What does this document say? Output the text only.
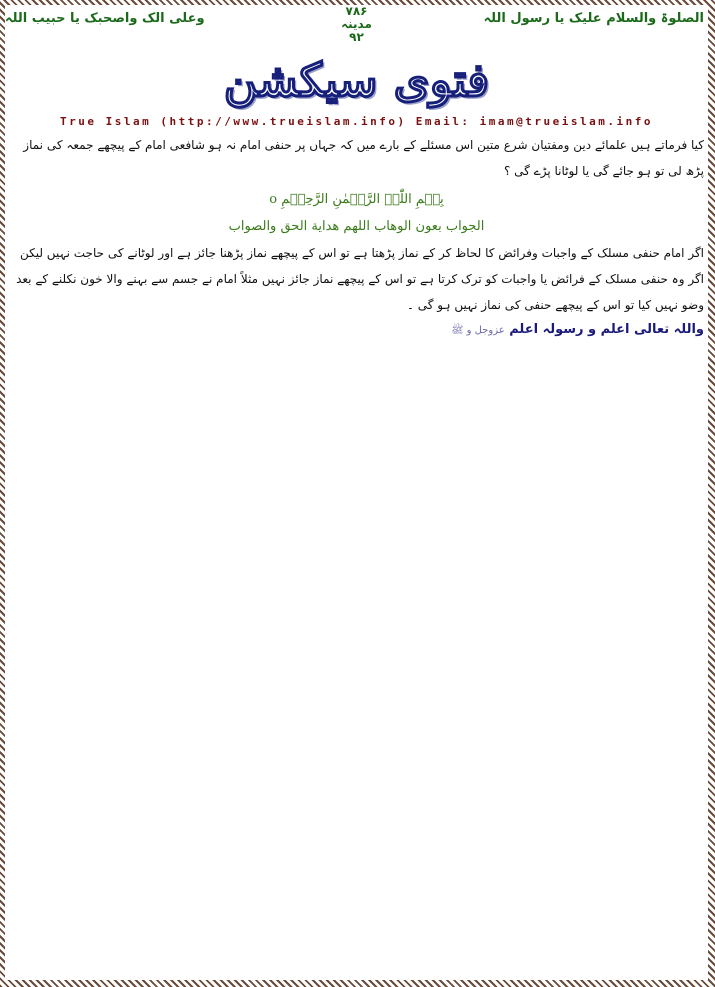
الصلوۃ والسلام علیک یا رسول اللہ
۷۸۶
مدینہ
۹۲
وعلی الک واصحبک یا حبیب اللہ
فتوی سیکشن
True Islam (http://www.trueislam.info) Email: imam@trueislam.info
کیا فرماتے ہیں علمائے دین ومفتیان شرع متین اس مسئلے کے بارے میں کہ جہاں پر حنفی امام نہ ہو شافعی امام کے پیچھے جمعہ کی نماز پڑھ لی تو ہو جائے گی یا لوٹانا پڑے گی ؟
بِسۡمِ اللّٰہِ الرَّحۡمٰنِ الرَّحِیۡمِ o
الجواب بعون الوهاب اللهم هداية الحق والصواب
اگر امام حنفی مسلک کے واجبات وفرائض کا لحاظ کر کے نماز پڑھتا ہے تو اس کے پیچھے نماز پڑھنا جائز ہے اور لوٹانے کی حاجت نہیں لیکن اگر وہ حنفی مسلک کے فرائض یا واجبات کو ترک کرتا ہے تو اس کے پیچھے نماز جائز نہیں مثلاً امام نے جسم سے بہنے والا خون نکلنے کے بعد وضو نہیں کیا تو اس کے پیچھے حنفی کی نماز نہیں ہو گی ۔
واللہ تعالی اعلم و رسولہ اعلم عزوجل و ﷺ
